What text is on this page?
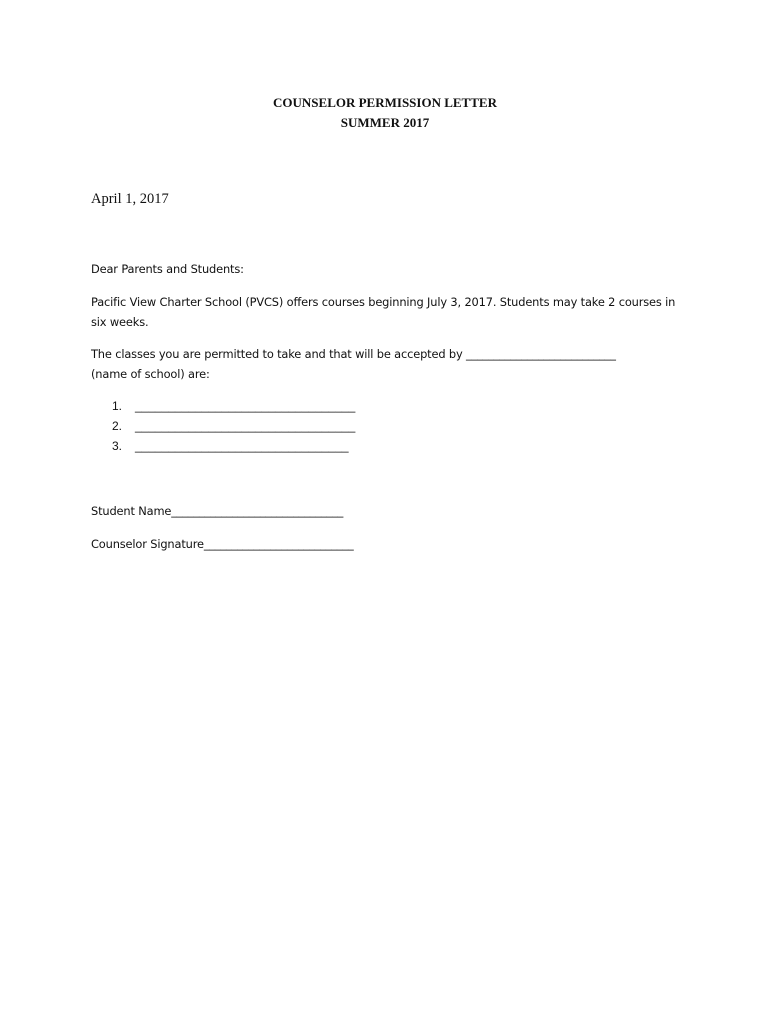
COUNSELOR PERMISSION LETTER
SUMMER 2017
April 1, 2017
Dear Parents and Students:
Pacific View Charter School (PVCS) offers courses beginning July 3, 2017. Students may take 2 courses in
six weeks.
The classes you are permitted to take and that will be accepted by ___________________________
(name of school) are:
1.	_________________________________
2.	_________________________________
3.	________________________________
Student Name_______________________________
Counselor Signature___________________________
